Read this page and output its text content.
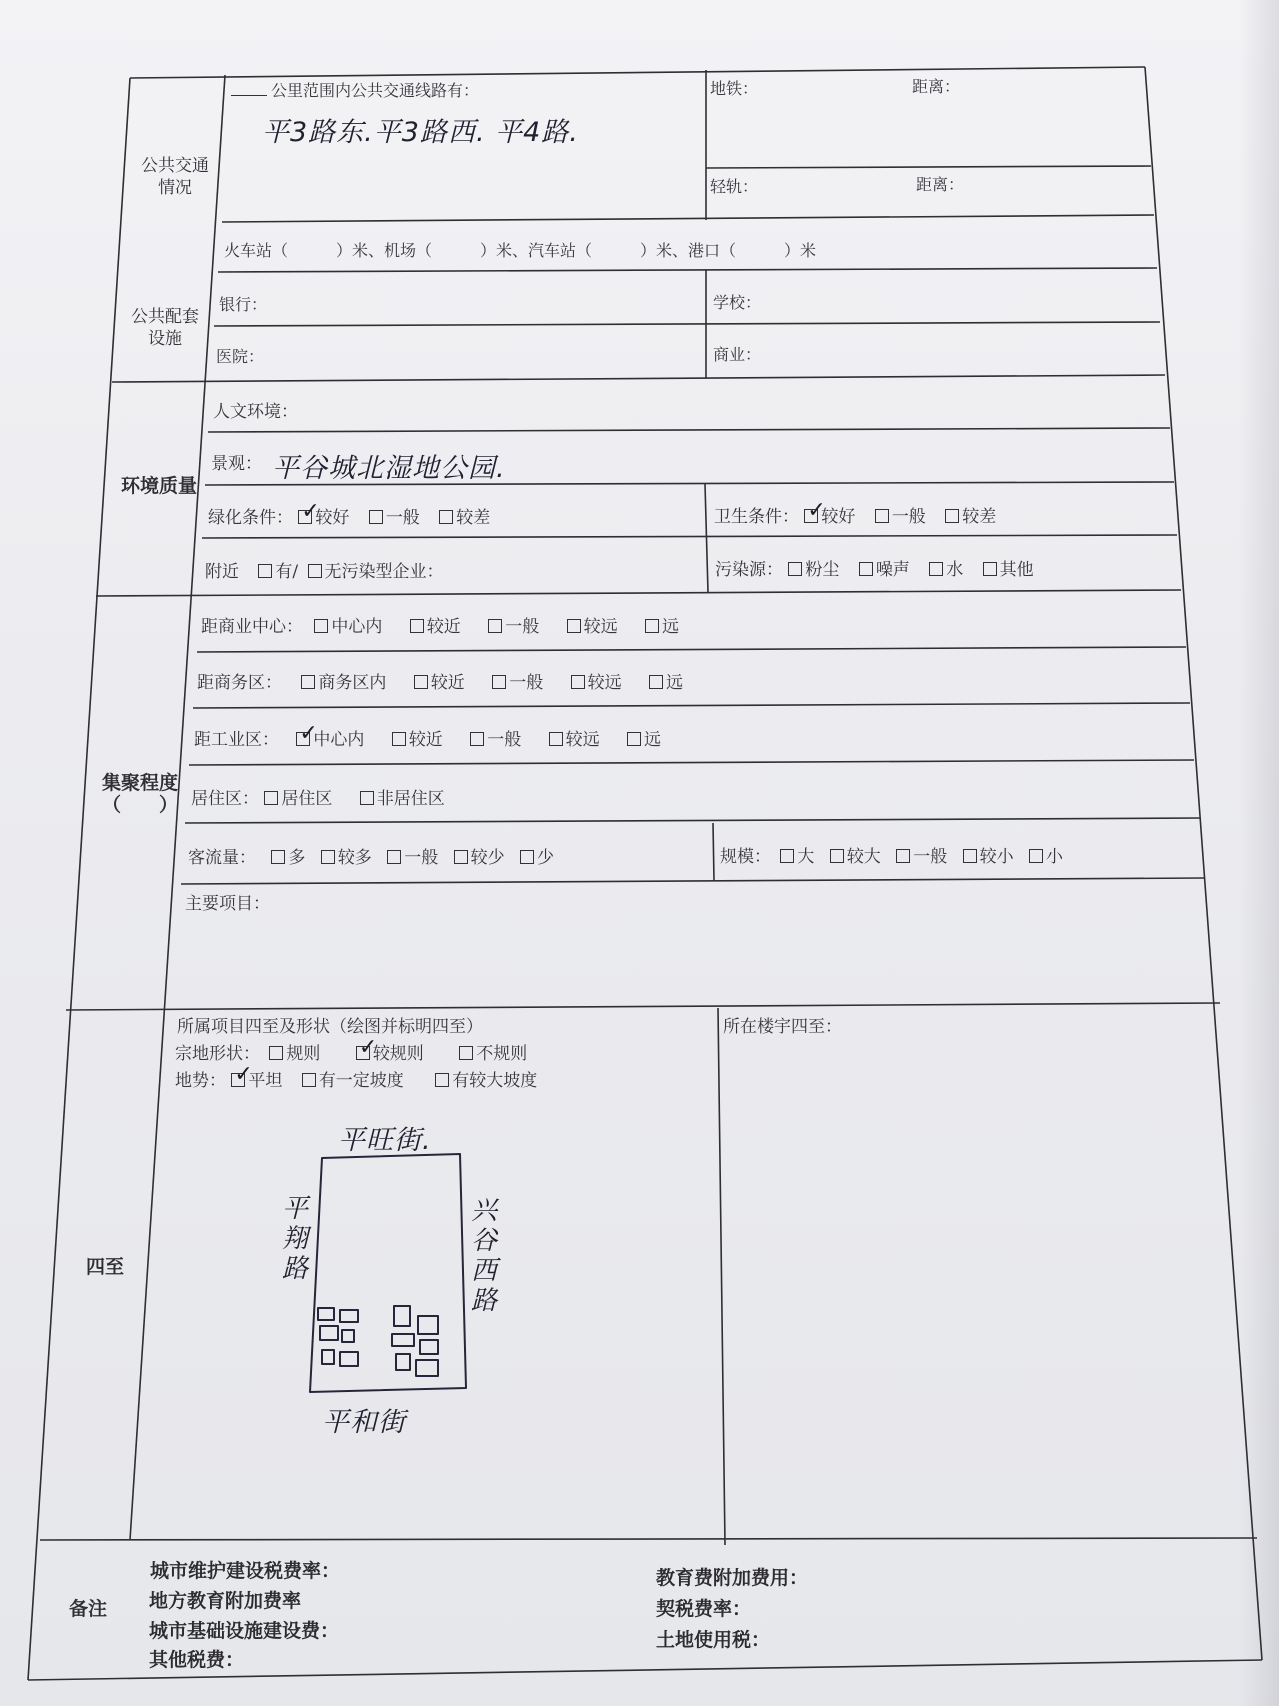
公共交通
情况
公里范围内公共交通线路有：
平3路东.平3路西. 平4路.
地铁：	距离：
轻轨：	距离：
火车站（　　　）米、机场（　　　）米、汽车站（　　　）米、港口（　　　）米
公共配套
设施
银行：	学校：
医院：	商业：
环境质量
人文环境：
景观： 平谷城北湿地公园.
绿化条件： ✓ 较好 一般 较差	卫生条件： ✓ 较好 一般 较差
附近 有/ 无污染型企业：	污染源： 粉尘 噪声 水 其他
集聚程度
（　　）
距商业中心： 中心内	较近	一般	较远	远
距商务区： 商务区内	较近	一般	较远	远
距工业区： ✓ 中心内	较近	一般	较远	远
居住区： 居住区	非居住区
客流量： 多 较多 一般 较少 少	规模： 大 较大 一般 较小 小
主要项目：
四至
所属项目四至及形状（绘图并标明四至）
宗地形状： 规则 ✓	较规则	不规则
地势： ✓ 平坦 有一定坡度	有较大坡度
所在楼宇四至：
平旺街.
平和街
平
翔
路
兴
谷
西
路
备注
城市维护建设税费率：
地方教育附加费率
城市基础设施建设费：
其他税费：
教育费附加费用：
契税费率：
土地使用税：
